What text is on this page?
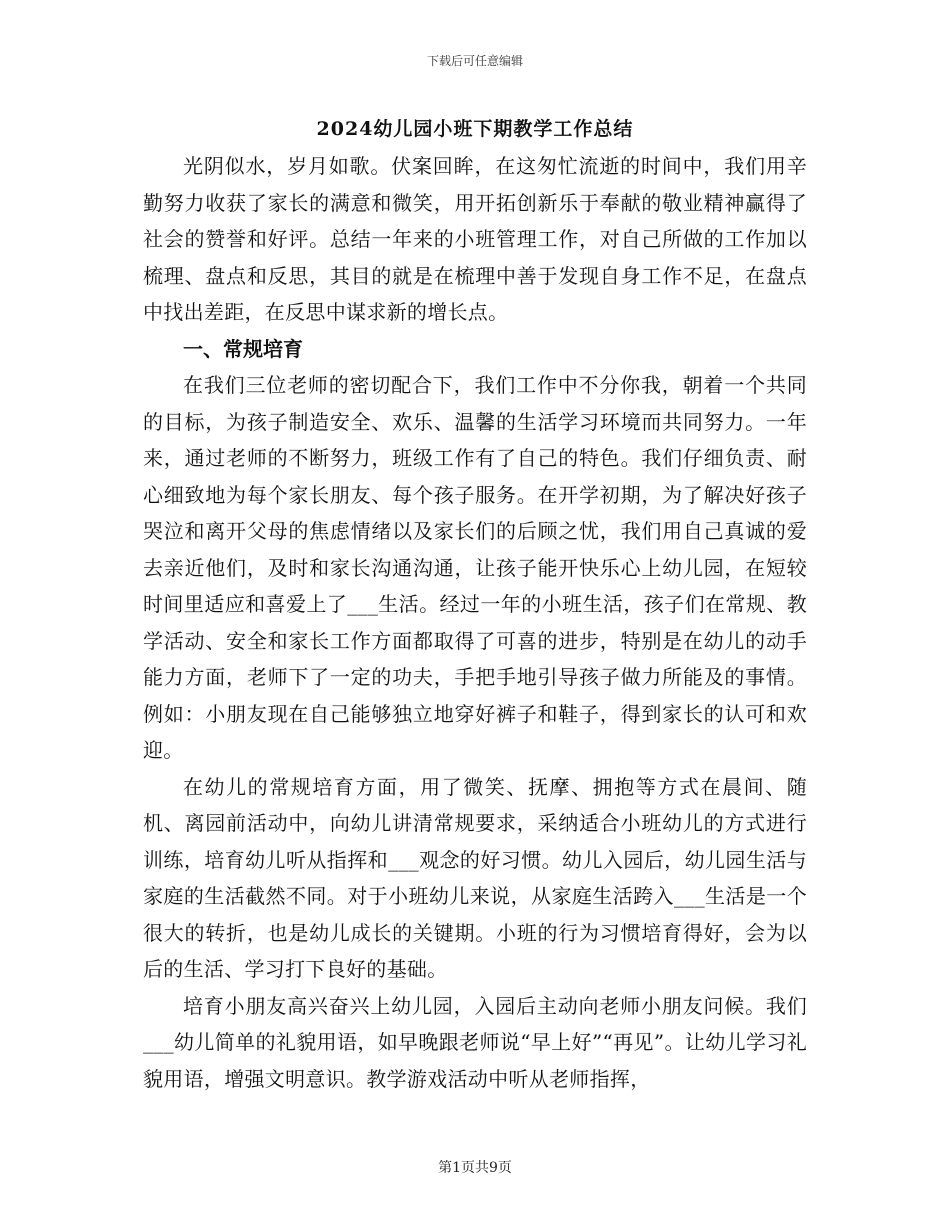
下载后可任意编辑
2024幼儿园小班下期教学工作总结

光阴似水，岁月如歌。伏案回眸，在这匆忙流逝的时间中，我们用辛勤努力收获了家长的满意和微笑，用开拓创新乐于奉献的敬业精神赢得了社会的赞誉和好评。总结一年来的小班管理工作，对自己所做的工作加以梳理、盘点和反思，其目的就是在梳理中善于发现自身工作不足，在盘点中找出差距，在反思中谋求新的增长点。

一、常规培育

在我们三位老师的密切配合下，我们工作中不分你我，朝着一个共同的目标，为孩子制造安全、欢乐、温馨的生活学习环境而共同努力。一年来，通过老师的不断努力，班级工作有了自己的特色。我们仔细负责、耐心细致地为每个家长朋友、每个孩子服务。在开学初期，为了解决好孩子哭泣和离开父母的焦虑情绪以及家长们的后顾之忧，我们用自己真诚的爱去亲近他们，及时和家长沟通沟通，让孩子能开快乐心上幼儿园，在短较时间里适应和喜爱上了___生活。经过一年的小班生活，孩子们在常规、教学活动、安全和家长工作方面都取得了可喜的进步，特别是在幼儿的动手能力方面，老师下了一定的功夫，手把手地引导孩子做力所能及的事情。例如：小朋友现在自己能够独立地穿好裤子和鞋子，得到家长的认可和欢迎。

在幼儿的常规培育方面，用了微笑、抚摩、拥抱等方式在晨间、随机、离园前活动中，向幼儿讲清常规要求，采纳适合小班幼儿的方式进行训练，培育幼儿听从指挥和___观念的好习惯。幼儿入园后，幼儿园生活与家庭的生活截然不同。对于小班幼儿来说，从家庭生活跨入___生活是一个很大的转折，也是幼儿成长的关键期。小班的行为习惯培育得好，会为以后的生活、学习打下良好的基础。

培育小朋友高兴奋兴上幼儿园，入园后主动向老师小朋友问候。我们___幼儿简单的礼貌用语，如早晚跟老师说“早上好”“再见”。让幼儿学习礼貌用语，增强文明意识。教学游戏活动中听从老师指挥，

第1页共9页
